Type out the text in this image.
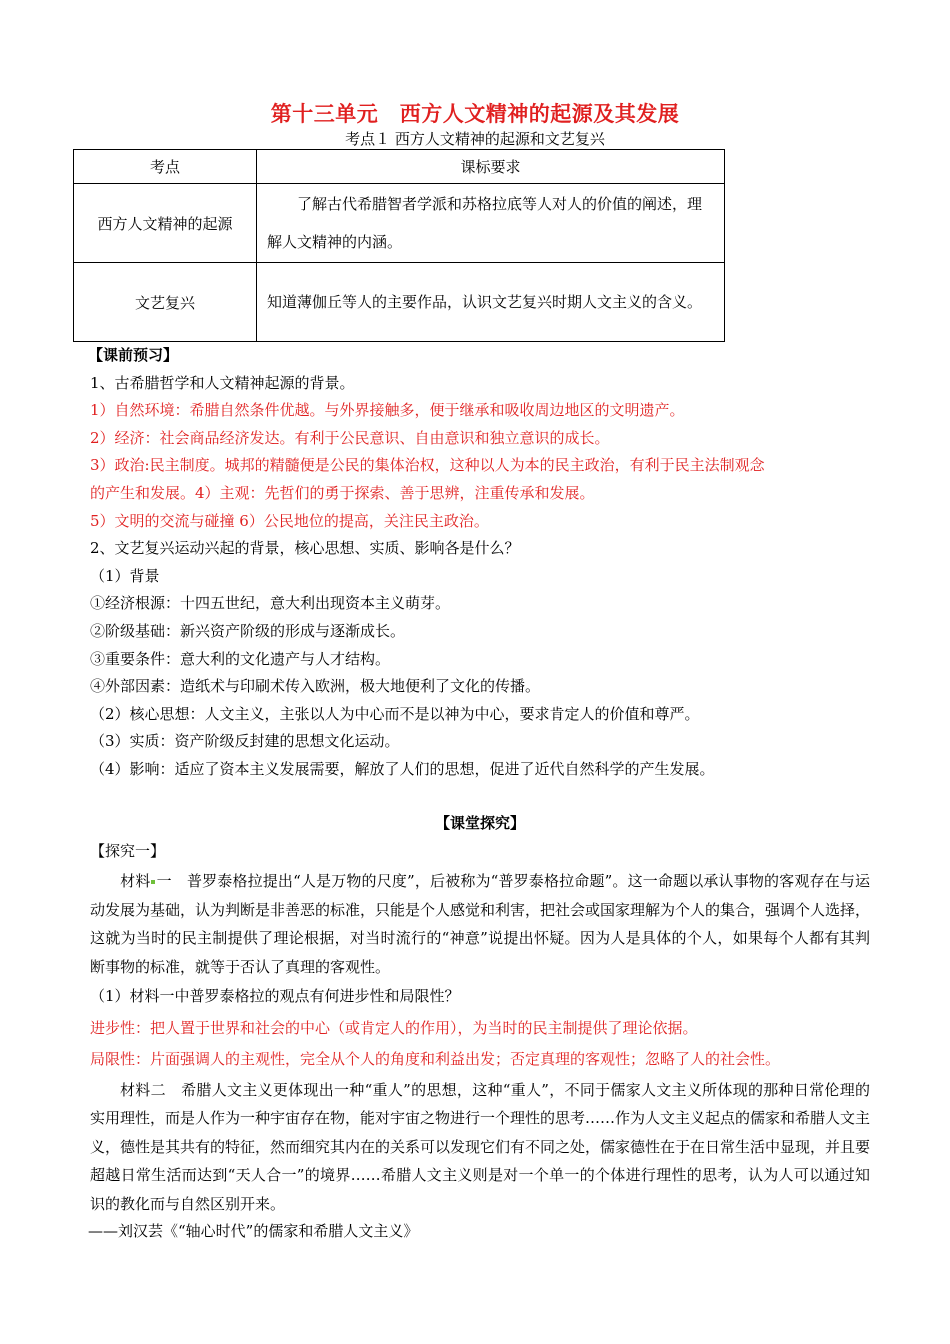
第十三单元　西方人文精神的起源及其发展
考点１ 西方人文精神的起源和文艺复兴
考点	课标要求
西方人文精神的起源	了解古代希腊智者学派和苏格拉底等人对人的价值的阐述，理解人文精神的内涵。
文艺复兴	知道薄伽丘等人的主要作品，认识文艺复兴时期人文主义的含义。
【课前预习】
1、古希腊哲学和人文精神起源的背景。
1）自然环境：希腊自然条件优越。与外界接触多，便于继承和吸收周边地区的文明遗产。
2）经济：社会商品经济发达。有利于公民意识、自由意识和独立意识的成长。
3）政治:民主制度。城邦的精髓便是公民的集体治权，这种以人为本的民主政治，有利于民主法制观念
的产生和发展。4）主观：先哲们的勇于探索、善于思辨，注重传承和发展。
5）文明的交流与碰撞 6）公民地位的提高，关注民主政治。
2、文艺复兴运动兴起的背景，核心思想、实质、影响各是什么？
（1）背景
①经济根源：十四五世纪，意大利出现资本主义萌芽。
②阶级基础：新兴资产阶级的形成与逐渐成长。
③重要条件：意大利的文化遗产与人才结构。
④外部因素：造纸术与印刷术传入欧洲，极大地便利了文化的传播。
（2）核心思想：人文主义，主张以人为中心而不是以神为中心，要求肯定人的价值和尊严。
（3）实质：资产阶级反封建的思想文化运动。
（4）影响：适应了资本主义发展需要，解放了人们的思想，促进了近代自然科学的产生发展。
【课堂探究】
【探究一】
材料 一　普罗泰格拉提出“人是万物的尺度”，后被称为“普罗泰格拉命题”。这一命题以承认事物的客观存在与运动发展为基础，认为判断是非善恶的标准，只能是个人感觉和利害，把社会或国家理解为个人的集合，强调个人选择，这就为当时的民主制提供了理论根据，对当时流行的“神意”说提出怀疑。因为人是具体的个人，如果每个人都有其判断事物的标准，就等于否认了真理的客观性。
（1）材料一中普罗泰格拉的观点有何进步性和局限性？
进步性：把人置于世界和社会的中心（或肯定人的作用），为当时的民主制提供了理论依据。
局限性：片面强调人的主观性，完全从个人的角度和利益出发；否定真理的客观性；忽略了人的社会性。
材料二　希腊人文主义更体现出一种“重人”的思想，这种“重人”，不同于儒家人文主义所体现的那种日常伦理的实用理性，而是人作为一种宇宙存在物，能对宇宙之物进行一个理性的思考……作为人文主义起点的儒家和希腊人文主义，德性是其共有的特征，然而细究其内在的关系可以发现它们有不同之处，儒家德性在于在日常生活中显现，并且要超越日常生活而达到“天人合一”的境界……希腊人文主义则是对一个单一的个体进行理性的思考，认为人可以通过知识的教化而与自然区别开来。
——刘汉芸《“轴心时代”的儒家和希腊人文主义》
